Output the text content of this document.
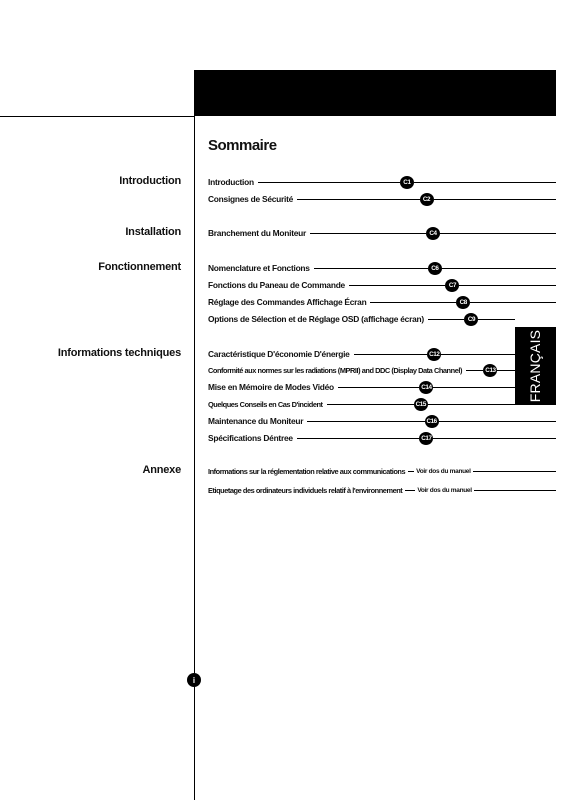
Sommaire
Introduction
Installation
Fonctionnement
Informations techniques
Annexe
Introduction	C1
Consignes de Sécurité	C2
Branchement du Moniteur	C4
Nomenclature et Fonctions	C6
Fonctions du Paneau de Commande	C7
Réglage des Commandes Affichage Écran	C8
Options de Sélection et de Réglage OSD (affichage écran)	C9
Caractéristique D'économie D'énergie	C12
Conformité aux normes sur les radiations (MPRII) and DDC (Display Data Channel)	C13
Mise en Mémoire de Modes Vidéo	C14
Quelques Conseils en Cas D'incident	C15
Maintenance du Moniteur	C16
Spécifications Déntree	C17
Informations sur la réglementation relative aux communications Voir dos du manuel
Etiquetage des ordinateurs individuels relatif à l'environnement Voir dos du manuel
FRANÇAIS
i
